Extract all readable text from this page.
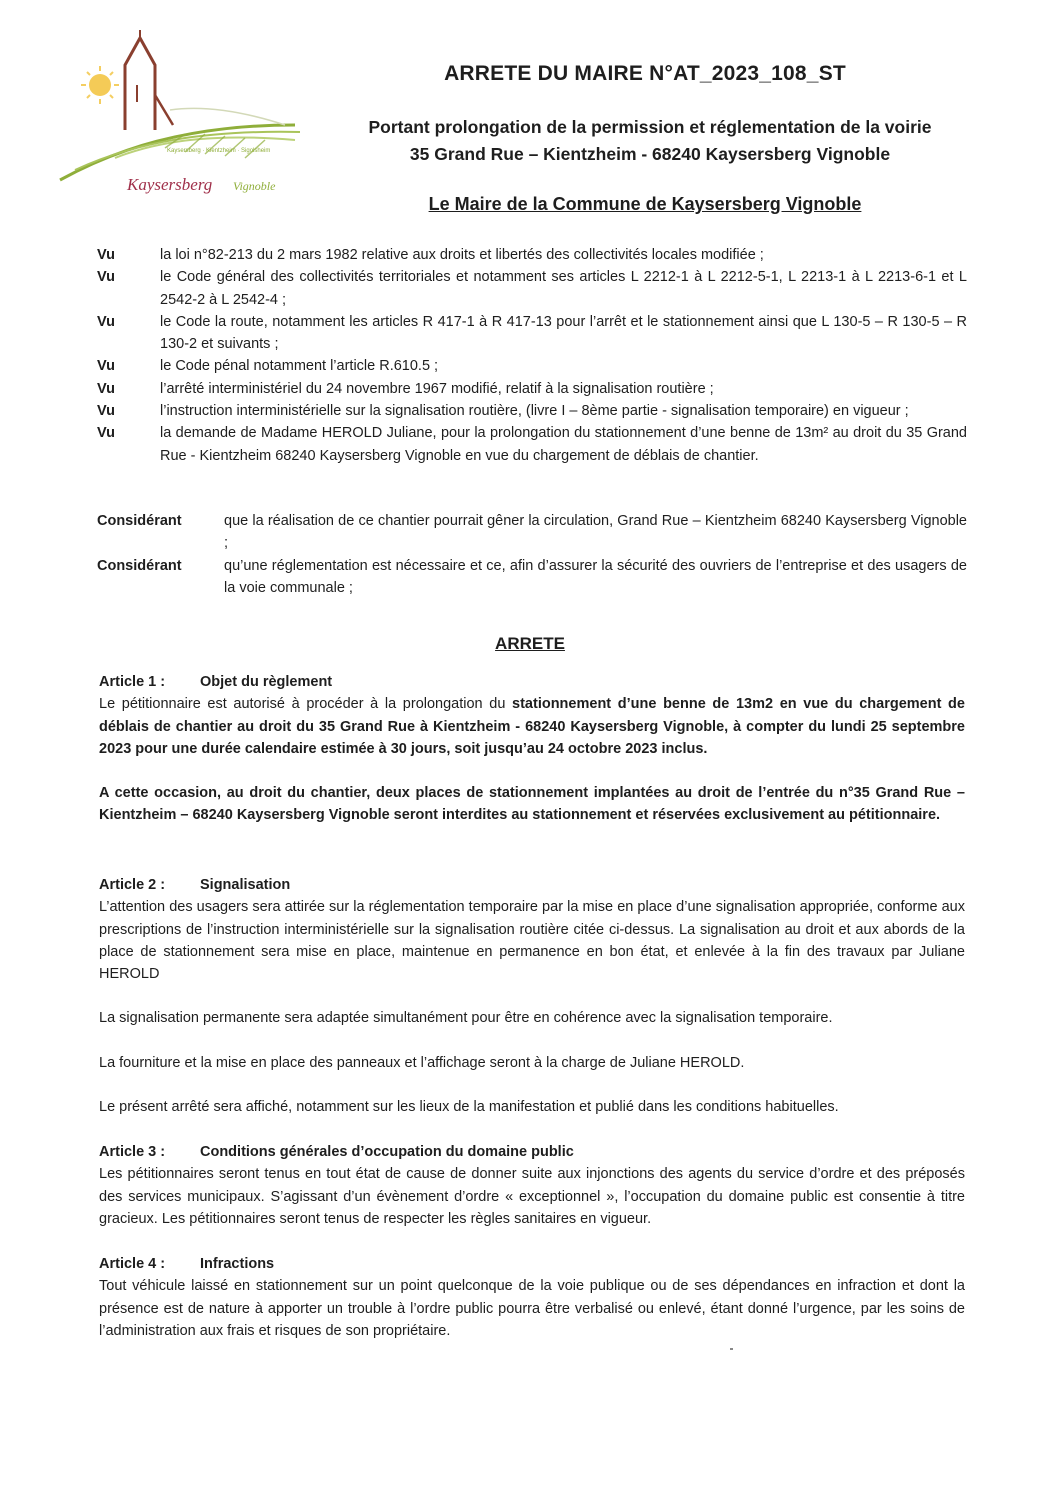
Kaysersberg · Kientzheim · Sigolsheim
Kaysersberg Vignoble
ARRETE DU MAIRE N°AT_2023_108_ST
Portant prolongation de la permission et réglementation de la voirie
35 Grand Rue – Kientzheim - 68240 Kaysersberg Vignoble
Le Maire de la Commune de Kaysersberg Vignoble
Vu	la loi n°82-213 du 2 mars 1982 relative aux droits et libertés des collectivités locales modifiée ;
Vu	le Code général des collectivités territoriales et notamment ses articles L 2212-1 à L 2212-5-1, L 2213-1 à L 2213-6-1 et L 2542-2 à L 2542-4 ;
Vu	le Code la route, notamment les articles R 417-1 à R 417-13 pour l’arrêt et le stationnement ainsi que L 130-5 – R 130-5 – R 130-2 et suivants ;
Vu	le Code pénal notamment l’article R.610.5 ;
Vu	l’arrêté interministériel du 24 novembre 1967 modifié, relatif à la signalisation routière ;
Vu	l’instruction interministérielle sur la signalisation routière, (livre I – 8ème partie - signalisation temporaire) en vigueur ;
Vu	la demande de Madame HEROLD Juliane, pour la prolongation du stationnement d’une benne de 13m² au droit du 35 Grand Rue - Kientzheim 68240 Kaysersberg Vignoble en vue du chargement de déblais de chantier.
Considérant	que la réalisation de ce chantier pourrait gêner la circulation, Grand Rue – Kientzheim 68240 Kaysersberg Vignoble ;
Considérant	qu’une réglementation est nécessaire et ce, afin d’assurer la sécurité des ouvriers de l’entreprise et des usagers de la voie communale ;
ARRETE
Article 1 :	Objet du règlement

Le pétitionnaire est autorisé à procéder à la prolongation du stationnement d’une benne de 13m2 en vue du chargement de déblais de chantier au droit du 35 Grand Rue à Kientzheim - 68240 Kaysersberg Vignoble, à compter du lundi 25 septembre 2023 pour une durée calendaire estimée à 30 jours, soit jusqu’au 24 octobre 2023 inclus.

A cette occasion, au droit du chantier, deux places de stationnement implantées au droit de l’entrée du n°35 Grand Rue – Kientzheim – 68240 Kaysersberg Vignoble seront interdites au stationnement et réservées exclusivement au pétitionnaire.

Article 2 :	Signalisation

L’attention des usagers sera attirée sur la réglementation temporaire par la mise en place d’une signalisation appropriée, conforme aux prescriptions de l’instruction interministérielle sur la signalisation routière citée ci-dessus. La signalisation au droit et aux abords de la place de stationnement sera mise en place, maintenue en permanence en bon état, et enlevée à la fin des travaux par Juliane HEROLD

La signalisation permanente sera adaptée simultanément pour être en cohérence avec la signalisation temporaire.

La fourniture et la mise en place des panneaux et l’affichage seront à la charge de Juliane HEROLD.

Le présent arrêté sera affiché, notamment sur les lieux de la manifestation et publié dans les conditions habituelles.

Article 3 :	Conditions générales d’occupation du domaine public

Les pétitionnaires seront tenus en tout état de cause de donner suite aux injonctions des agents du service d’ordre et des préposés des services municipaux. S’agissant d’un évènement d’ordre « exceptionnel », l’occupation du domaine public est consentie à titre gracieux. Les pétitionnaires seront tenus de respecter les règles sanitaires en vigueur.

Article 4 :	Infractions

Tout véhicule laissé en stationnement sur un point quelconque de la voie publique ou de ses dépendances en infraction et dont la présence est de nature à apporter un trouble à l’ordre public pourra être verbalisé ou enlevé, étant donné l’urgence, par les soins de l’administration aux frais et risques de son propriétaire.
